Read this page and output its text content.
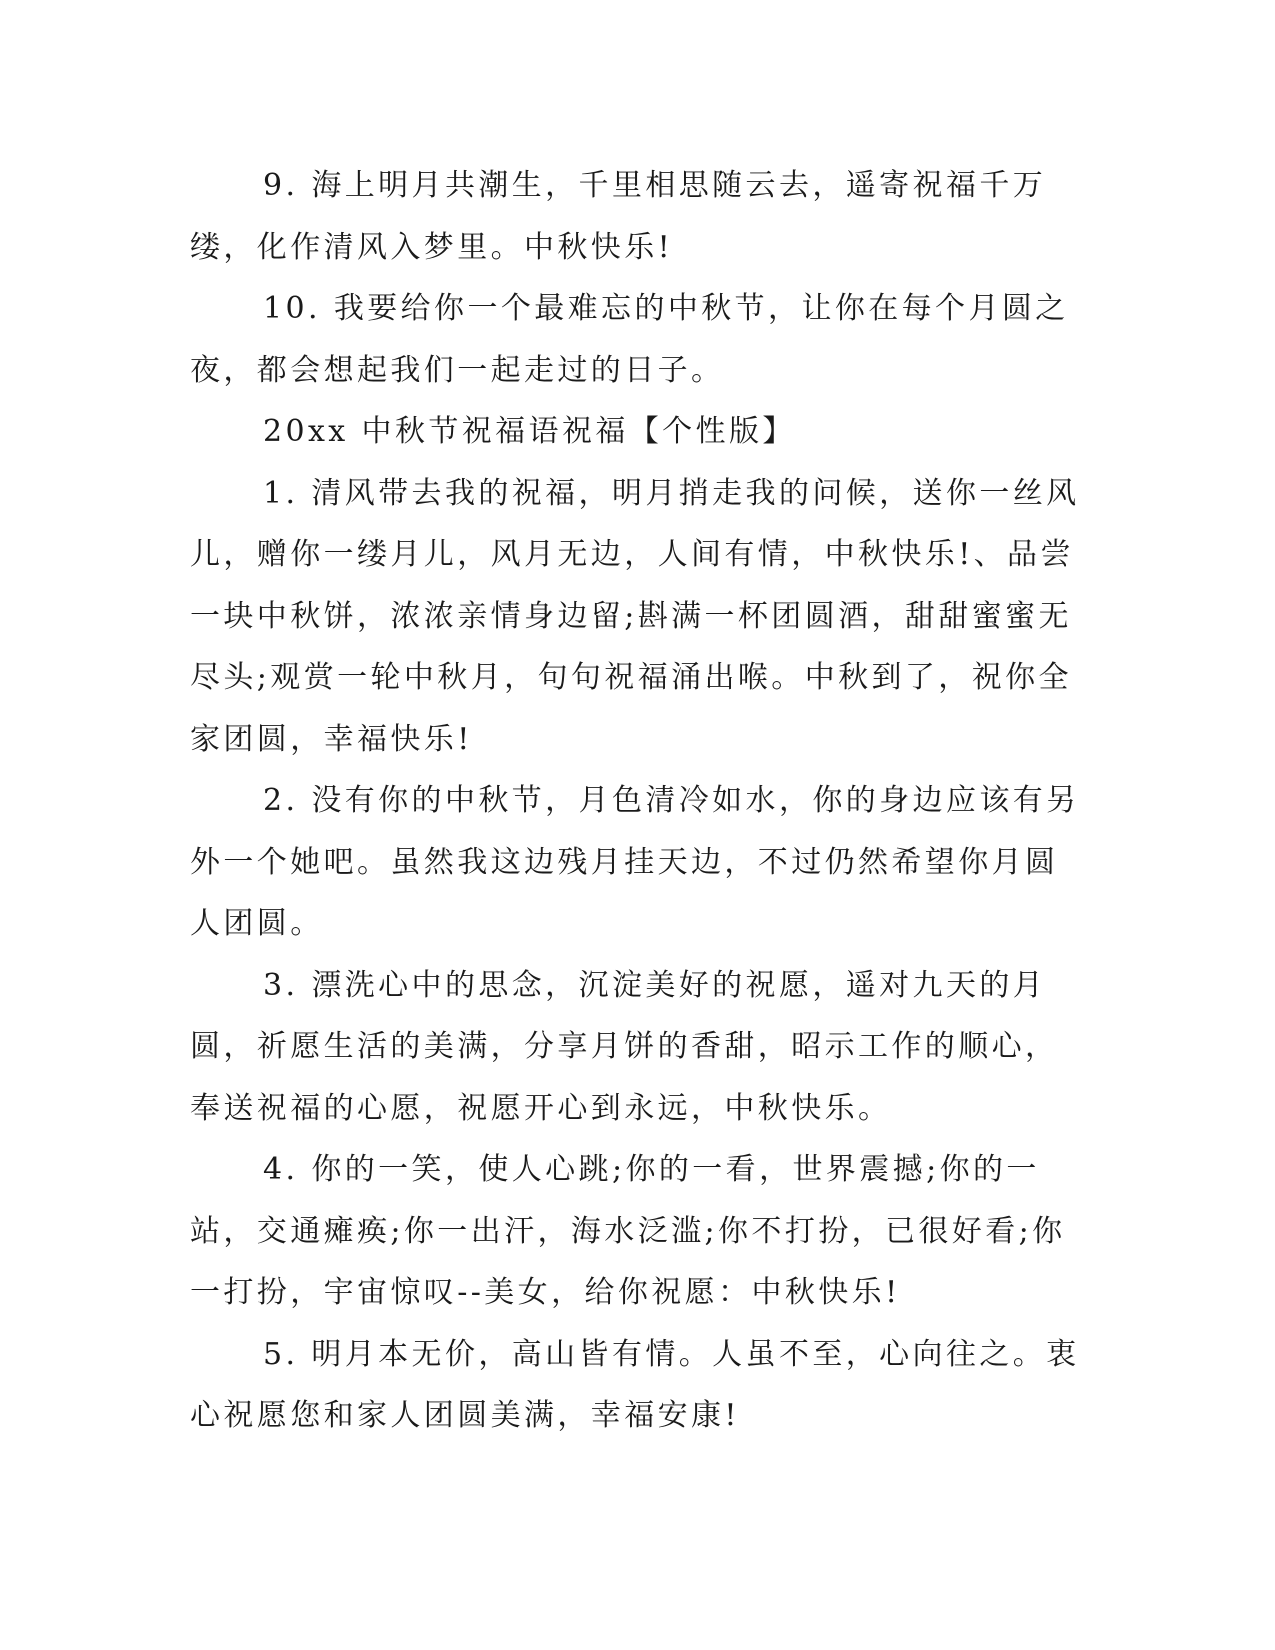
9. 海上明月共潮生，千里相思随云去，遥寄祝福千万缕，化作清风入梦里。中秋快乐!

10. 我要给你一个最难忘的中秋节，让你在每个月圆之夜，都会想起我们一起走过的日子。

20xx 中秋节祝福语祝福【个性版】

1. 清风带去我的祝福，明月捎走我的问候，送你一丝风儿，赠你一缕月儿，风月无边，人间有情，中秋快乐!、品尝一块中秋饼，浓浓亲情身边留;斟满一杯团圆酒，甜甜蜜蜜无尽头;观赏一轮中秋月，句句祝福涌出喉。中秋到了，祝你全家团圆，幸福快乐!

2. 没有你的中秋节，月色清冷如水，你的身边应该有另外一个她吧。虽然我这边残月挂天边，不过仍然希望你月圆人团圆。

3. 漂洗心中的思念，沉淀美好的祝愿，遥对九天的月圆，祈愿生活的美满，分享月饼的香甜，昭示工作的顺心，奉送祝福的心愿，祝愿开心到永远，中秋快乐。

4. 你的一笑，使人心跳;你的一看，世界震撼;你的一站，交通瘫痪;你一出汗，海水泛滥;你不打扮，已很好看;你一打扮，宇宙惊叹--美女，给你祝愿：中秋快乐!

5. 明月本无价，高山皆有情。人虽不至，心向往之。衷心祝愿您和家人团圆美满，幸福安康!
